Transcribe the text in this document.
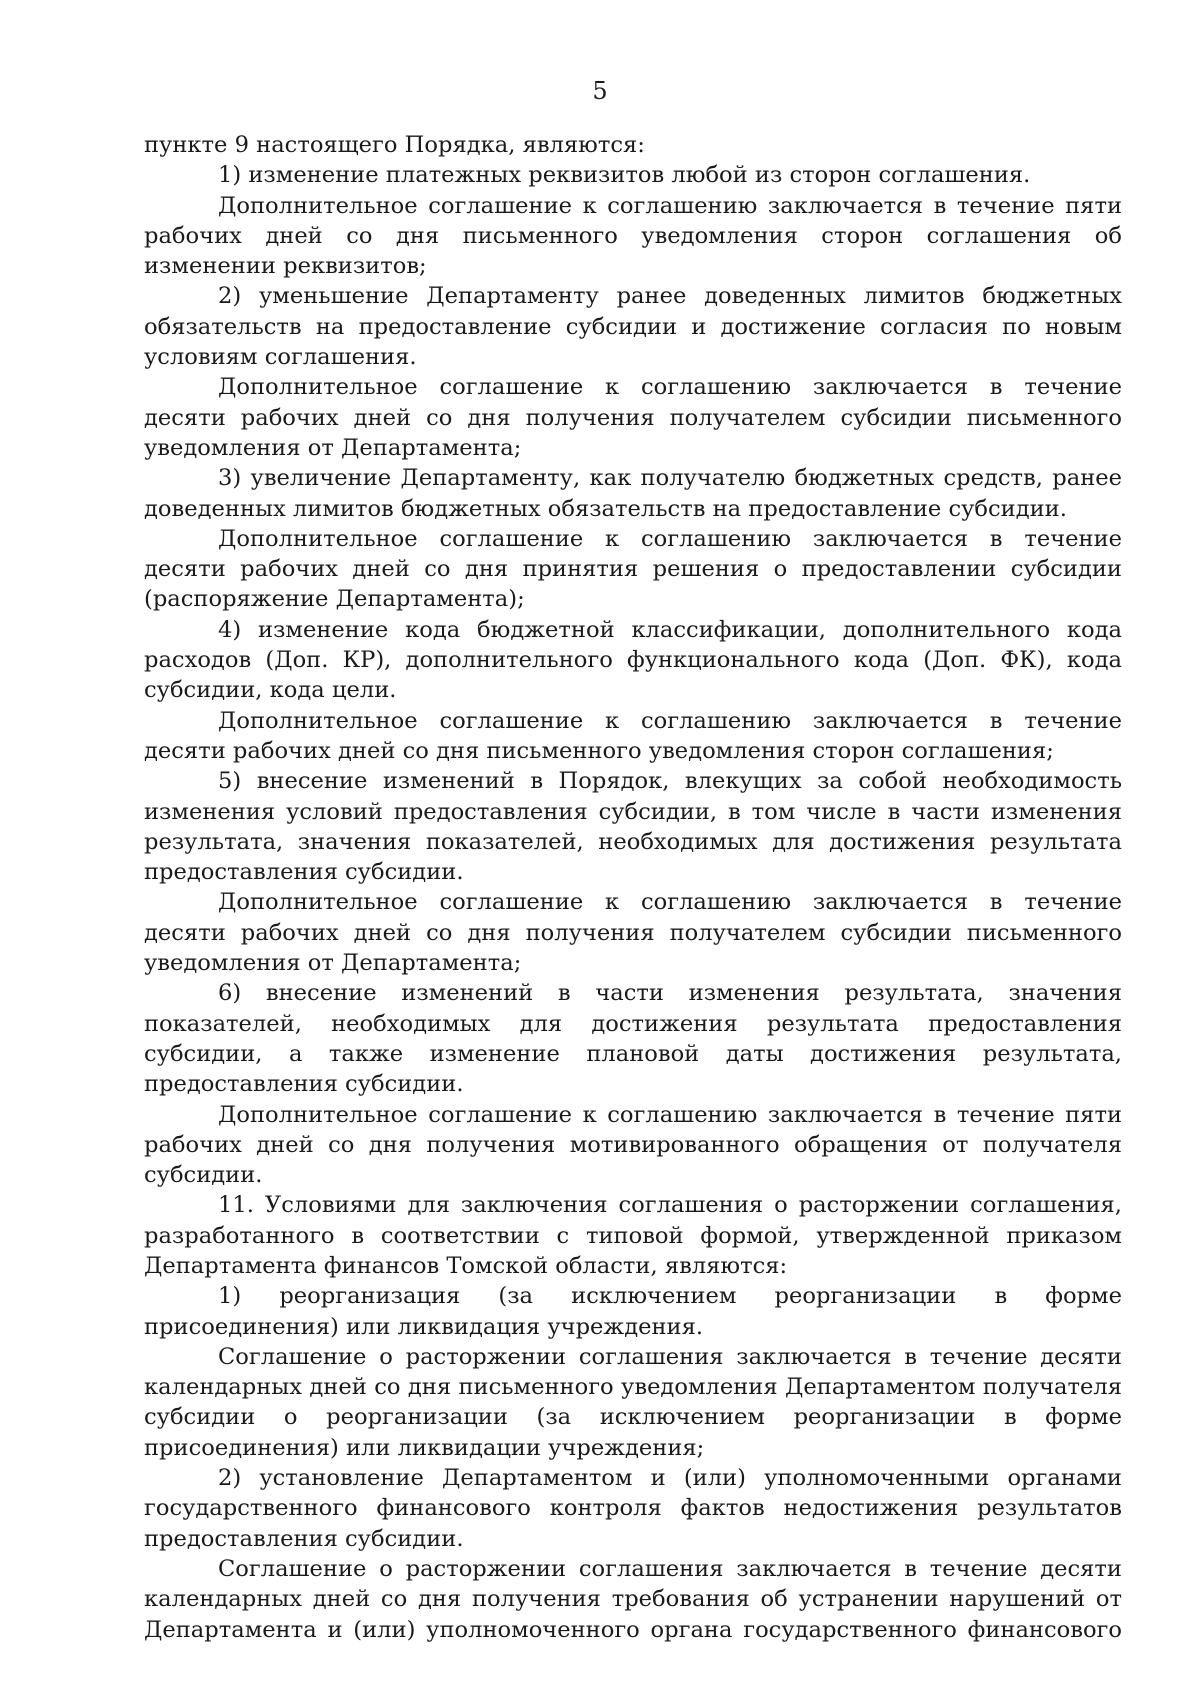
5

пункте 9 настоящего Порядка, являются:

1) изменение платежных реквизитов любой из сторон соглашения.

Дополнительное соглашение к соглашению заключается в течение пяти рабочих дней со дня письменного уведомления сторон соглашения об изменении реквизитов;

2) уменьшение Департаменту ранее доведенных лимитов бюджетных обязательств на предоставление субсидии и достижение согласия по новым условиям соглашения.

Дополнительное соглашение к соглашению заключается в течение десяти рабочих дней со дня получения получателем субсидии письменного уведомления от Департамента;

3) увеличение Департаменту, как получателю бюджетных средств, ранее доведенных лимитов бюджетных обязательств на предоставление субсидии.

Дополнительное соглашение к соглашению заключается в течение десяти рабочих дней со дня принятия решения о предоставлении субсидии (распоряжение Департамента);

4) изменение кода бюджетной классификации, дополнительного кода расходов (Доп. КР), дополнительного функционального кода (Доп. ФК), кода субсидии, кода цели.

Дополнительное соглашение к соглашению заключается в течение десяти рабочих дней со дня письменного уведомления сторон соглашения;

5) внесение изменений в Порядок, влекущих за собой необходимость изменения условий предоставления субсидии, в том числе в части изменения результата, значения показателей, необходимых для достижения результата предоставления субсидии.

Дополнительное соглашение к соглашению заключается в течение десяти рабочих дней со дня получения получателем субсидии письменного уведомления от Департамента;

6) внесение изменений в части изменения результата, значения показателей, необходимых для достижения результата предоставления субсидии, а также изменение плановой даты достижения результата, предоставления субсидии.

Дополнительное соглашение к соглашению заключается в течение пяти рабочих дней со дня получения мотивированного обращения от получателя субсидии.

11. Условиями для заключения соглашения о расторжении соглашения, разработанного в соответствии с типовой формой, утвержденной приказом Департамента финансов Томской области, являются:

1) реорганизация (за исключением реорганизации в форме присоединения) или ликвидация учреждения.

Соглашение о расторжении соглашения заключается в течение десяти календарных дней со дня письменного уведомления Департаментом получателя субсидии о реорганизации (за исключением реорганизации в форме присоединения) или ликвидации учреждения;

2) установление Департаментом и (или) уполномоченными органами государственного финансового контроля фактов недостижения результатов предоставления субсидии.

Соглашение о расторжении соглашения заключается в течение десяти календарных дней со дня получения требования об устранении нарушений от Департамента и (или) уполномоченного органа государственного финансового
